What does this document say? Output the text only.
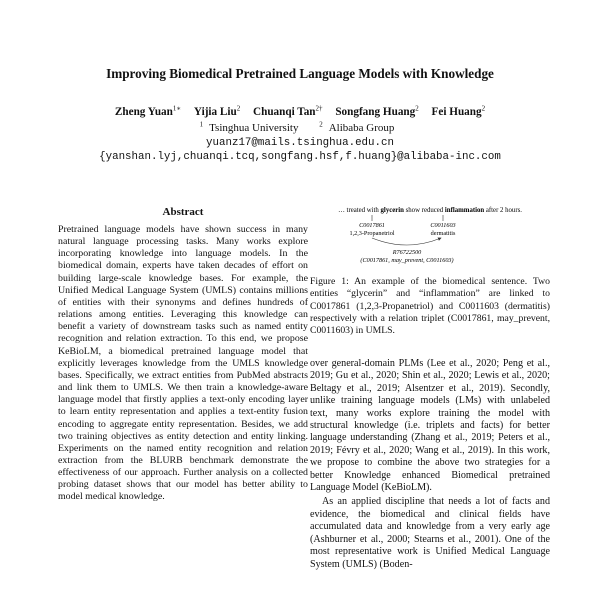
Improving Biomedical Pretrained Language Models with Knowledge
Zheng Yuan$^{1∗}$ Yijia Liu$^2$ Chuanqi Tan$^{2\dagger}$ Songfang Huang$^2$ Fei Huang$^2$
$^1$ Tsinghua University	$^2$ Alibaba Group
yuanz17@mails.tsinghua.edu.cn
{yanshan.lyj,chuanqi.tcq,songfang.hsf,f.huang}@alibaba-inc.com
Abstract
Pretrained language models have shown success in many natural language processing tasks. Many works explore incorporating knowledge into language models. In the biomedical domain, experts have taken decades of effort on building large-scale knowledge bases. For example, the Unified Medical Language System (UMLS) contains millions of entities with their synonyms and defines hundreds of relations among entities. Leveraging this knowledge can benefit a variety of downstream tasks such as named entity recognition and relation extraction. To this end, we propose KeBioLM, a biomedical pretrained language model that explicitly leverages knowledge from the UMLS knowledge bases. Specifically, we extract entities from PubMed abstracts and link them to UMLS. We then train a knowledge-aware language model that firstly applies a text-only encoding layer to learn entity representation and applies a text-entity fusion encoding to aggregate entity representation. Besides, we add two training objectives as entity detection and entity linking. Experiments on the named entity recognition and relation extraction from the BLURB benchmark demonstrate the effectiveness of our approach. Further analysis on a collected probing dataset shows that our model has better ability to model medical knowledge.
… treated with glycerin show reduced inflammation after 2 hours.
C0017861
1,2,3-Propanetriol
C0011603
dermatitis
R76722500
(C0017861, may_prevent, C0011603)
Figure 1: An example of the biomedical sentence. Two entities “glycerin” and “inflammation” are linked to C0017861 (1,2,3-Propanetriol) and C0011603 (dermatitis) respectively with a relation triplet (C0017861, may_prevent, C0011603) in UMLS.

over general-domain PLMs (Lee et al., 2020; Peng et al., 2019; Gu et al., 2020; Shin et al., 2020; Lewis et al., 2020; Beltagy et al., 2019; Alsentzer et al., 2019). Secondly, unlike training language models (LMs) with unlabeled text, many works explore training the model with structural knowledge (i.e. triplets and facts) for better language understanding (Zhang et al., 2019; Peters et al., 2019; Févry et al., 2020; Wang et al., 2019). In this work, we propose to combine the above two strategies for a better Knowledge enhanced Biomedical pretrained Language Model (KeBioLM).

As an applied discipline that needs a lot of facts and evidence, the biomedical and clinical fields have accumulated data and knowledge from a very early age (Ashburner et al., 2000; Stearns et al., 2001). One of the most representative work is Unified Medical Language System (UMLS) (Boden-
